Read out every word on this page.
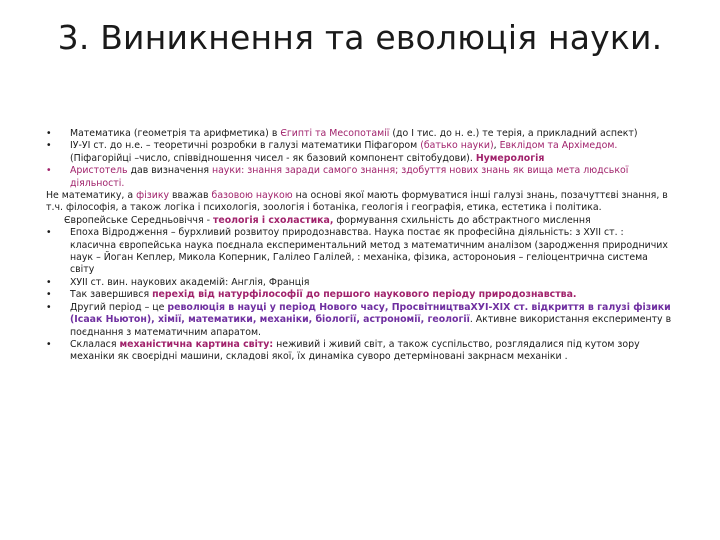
3. Виникнення та еволюція науки.
• Математика (геометрія та арифметика) в Єгипті та Месопотамії (до I тис. до н. е.) те терія, а прикладний аспект)
• ІУ-УІ ст. до н.е. – теоретичні розробки в галузі математики Піфагором (батько науки), Евклідом та Архімедом. (Піфагорійці –число, співвідношення чисел - як базовий компонент світобудови). Нумерологія
• Аристотель дав визначення науки: знання заради самого знання; здобуття нових знань як вища мета людської діяльності.
Не математику, а фізику вважав базовою наукою на основі якої мають формуватися інші галузі знань, позачуттєві знання, в т.ч. філософія, а також логіка і психологія, зоологія і ботаніка, геологія і географія, етика, естетика і політика.
Європейське Середньовіччя - теологія і схоластика, формування схильність до абстрактного мислення
• Епоха Відродження – бурхливий розвитоу природознавства. Наука постає як професійна діяльність: з ХУІІ ст. : класична європейська наука поєднала експериментальний метод з математичним аналізом (зародження природничих наук – Йоган Кеплер, Микола Коперник, Галілео Галілей, : механіка, фізика, астороноьия – геліоцентрична система світу
• ХУІІ ст. вин. наукових академій: Англія, Франція
• Так завершився перехід від натурфілософії до першого наукового періоду природознавства.
• Другий період – це революція в науці у період Нового часу, ПросвітництваХУІ-ХІХ ст. відкриття в галузі фізики (Ісаак Ньютон), хімії, математики, механіки, біології, астрономії, геології. Активне використання експерименту в поєднання з математичним апаратом.
• Склалася механістична картина світу: неживий і живий світ, а також суспільство, розглядалися під кутом зору механіки як своєрідні машини, складові якої, їх динаміка суворо детерміновані закрнасм механіки .
